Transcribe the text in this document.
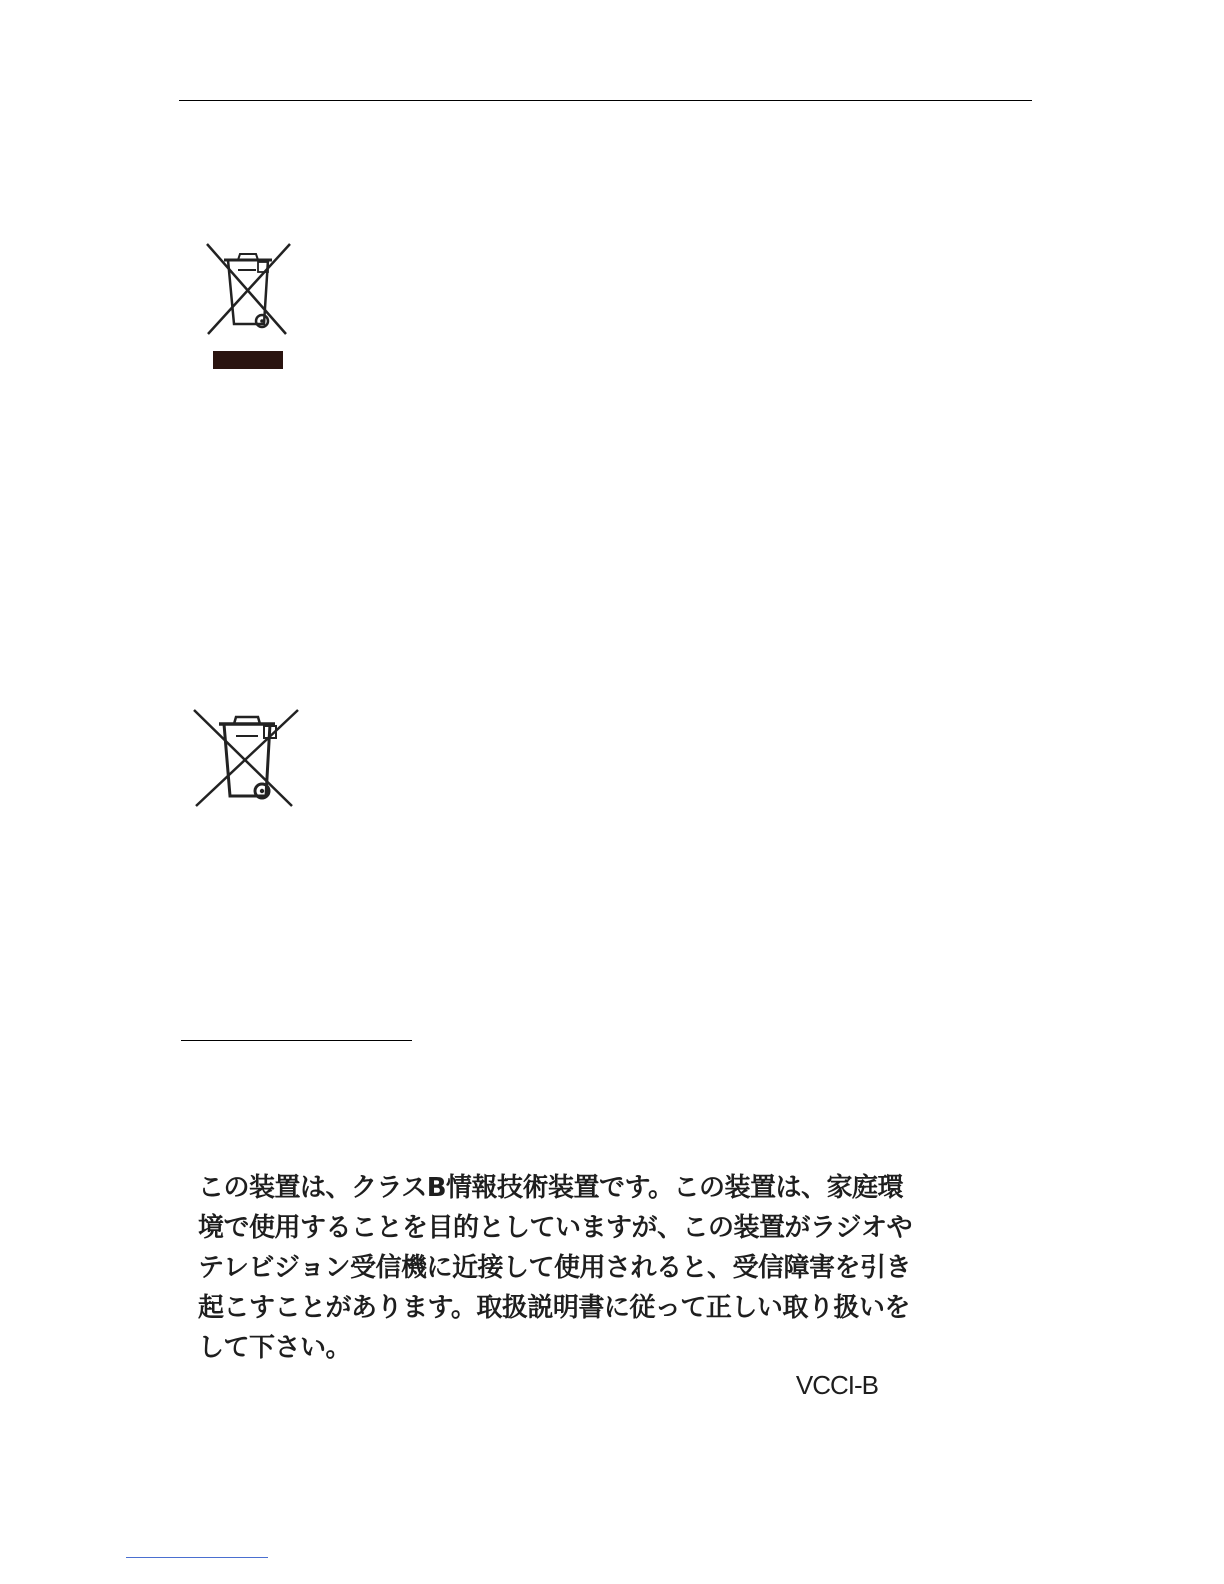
この装置は、クラスB情報技術装置です。この装置は、家庭環
境で使用することを目的としていますが、この装置がラジオや
テレビジョン受信機に近接して使用されると、受信障害を引き
起こすことがあります。取扱説明書に従って正しい取り扱いを
して下さい。
VCCI-B
